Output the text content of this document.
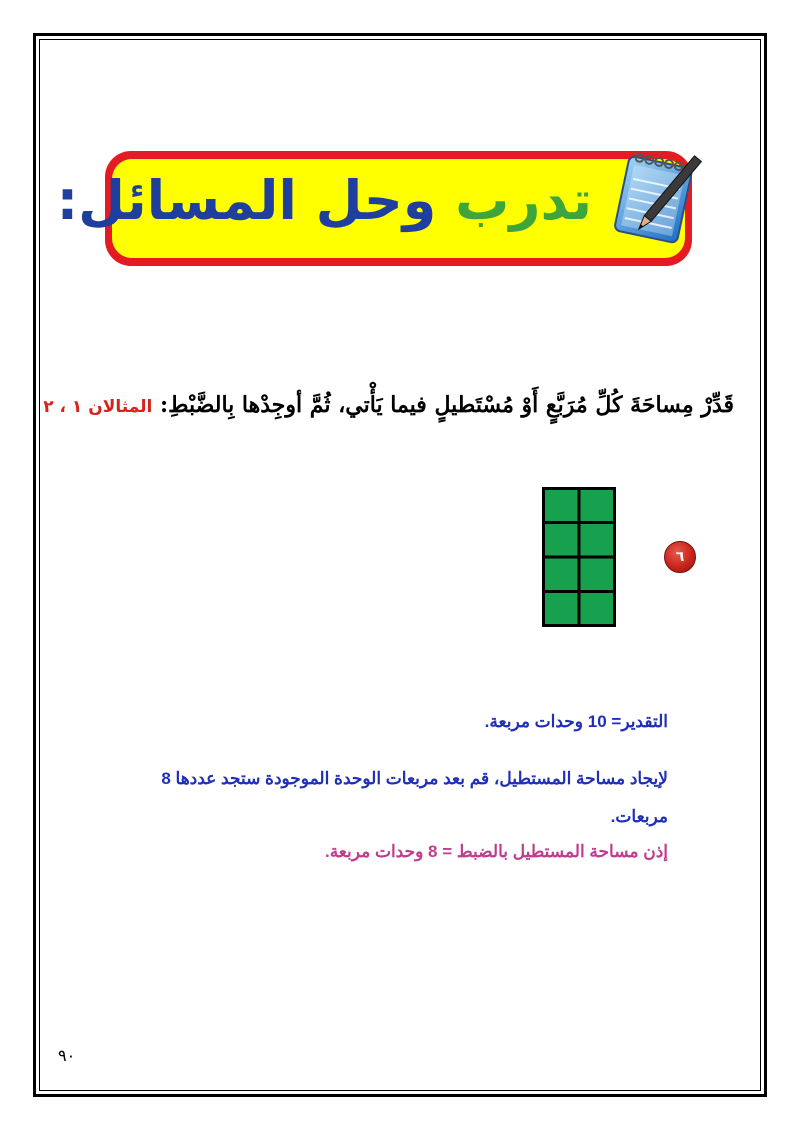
تدرب وحل المسائل:
قَدِّرْ مِساحَةَ كُلِّ مُرَبَّعٍ أَوْ مُسْتَطيلٍ فيما يَأْتي، ثُمَّ أوجِدْها بِالضَّبْطِ: المثالان ١ ، ٢
٦
التقدير= 10 وحدات مربعة.
لإيجاد مساحة المستطيل، قم بعد مربعات الوحدة الموجودة ستجد عددها 8 مربعات.
إذن مساحة المستطيل بالضبط = 8 وحدات مربعة.
٩٠
